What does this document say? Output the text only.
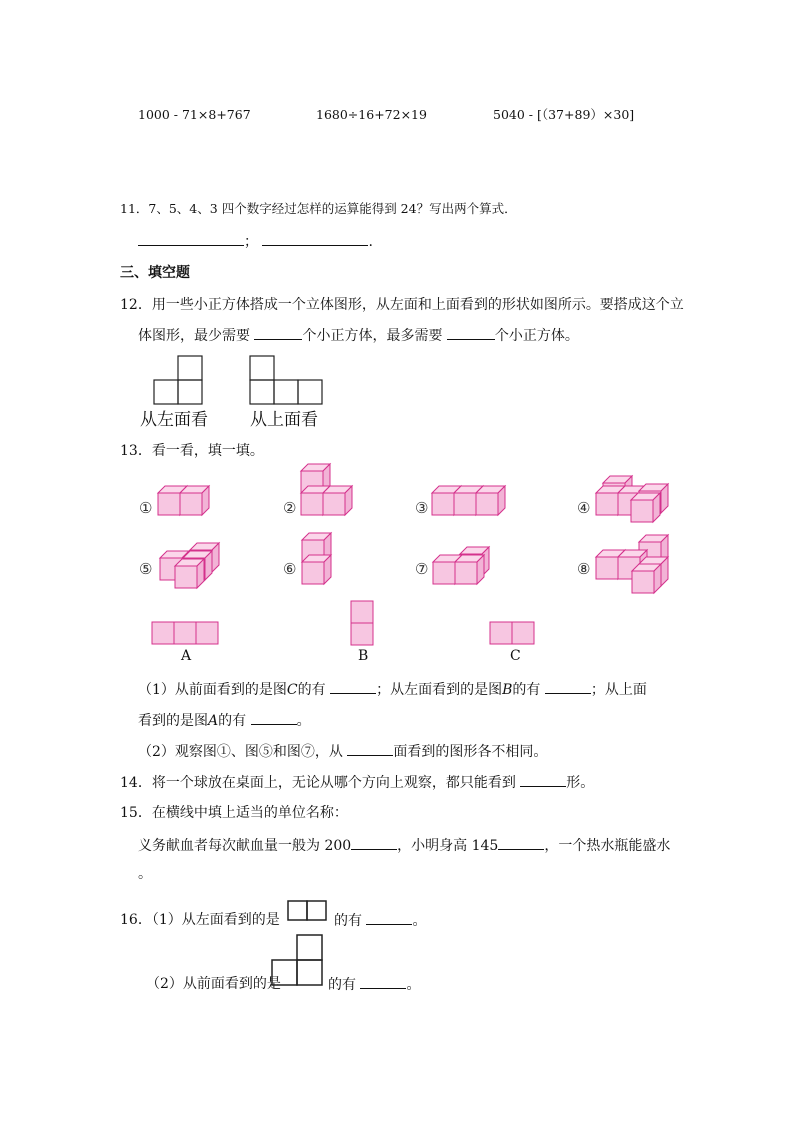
1000 - 71×8+767	1680÷16+72×19	5040 - [（37+89）×30]
11．7、5、4、3 四个数字经过怎样的运算能得到 24？写出两个算式．
；	.
三、填空题
12．用一些小正方体搭成一个立体图形，从左面和上面看到的形状如图所示。要搭成这个立
体图形，最少需要	个小正方体，最多需要	个小正方体。
从左面看 从上面看
13．看一看，填一填。
①	②	③	④
⑤	⑥	⑦	⑧
A	B	C
（1）从前面看到的是图C的有	；从左面看到的是图B的有	；从上面
看到的是图A的有	。
（2）观察图①、图⑤和图⑦，从	面看到的图形各不相同。
14．将一个球放在桌面上，无论从哪个方向上观察，都只能看到	形。
15．在横线中填上适当的单位名称：
义务献血者每次献血量一般为 200	，小明身高 145	，一个热水瓶能盛水
。
16．（1）从左面看到的是	的有	。
（2）从前面看到的是	的有	。
